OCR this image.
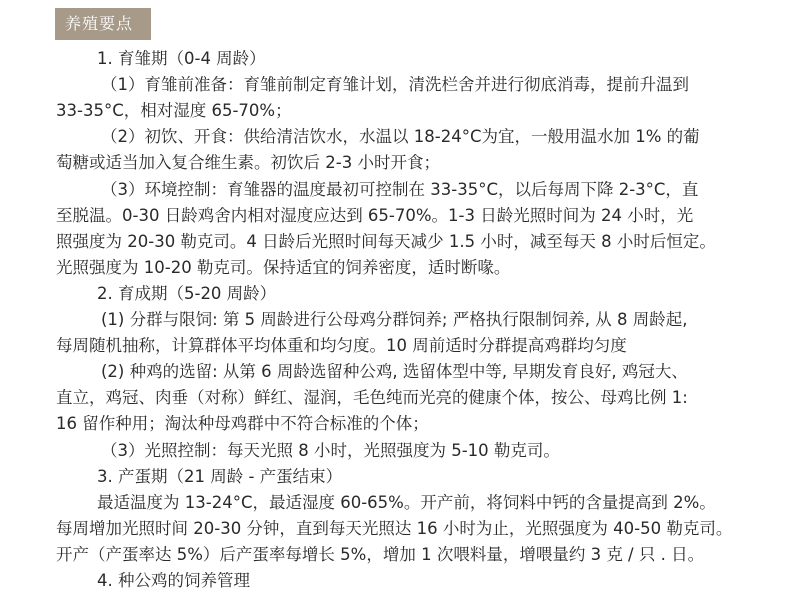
养殖要点
1. 育雏期（0-4 周龄）
（1）育雏前准备：育雏前制定育雏计划，清洗栏舍并进行彻底消毒，提前升温到
33-35°C，相对湿度 65-70%；
（2）初饮、开食：供给清洁饮水，水温以 18-24°C为宜，一般用温水加 1% 的葡
萄糖或适当加入复合维生素。初饮后 2-3 小时开食；
（3）环境控制：育雏器的温度最初可控制在 33-35°C，以后每周下降 2-3°C，直
至脱温。0-30 日龄鸡舍内相对湿度应达到 65-70%。1-3 日龄光照时间为 24 小时，光
照强度为 20-30 勒克司。4 日龄后光照时间每天减少 1.5 小时，减至每天 8 小时后恒定。
光照强度为 10-20 勒克司。保持适宜的饲养密度，适时断喙。
2. 育成期（5-20 周龄）
(1) 分群与限饲: 第 5 周龄进行公母鸡分群饲养; 严格执行限制饲养, 从 8 周龄起,
每周随机抽称，计算群体平均体重和均匀度。10 周前适时分群提高鸡群均匀度
(2) 种鸡的选留: 从第 6 周龄选留种公鸡, 选留体型中等, 早期发育良好, 鸡冠大、
直立，鸡冠、肉垂（对称）鲜红、湿润，毛色纯而光亮的健康个体，按公、母鸡比例 1:
16 留作种用；淘汰种母鸡群中不符合标准的个体；
（3）光照控制：每天光照 8 小时，光照强度为 5-10 勒克司。
3. 产蛋期（21 周龄 - 产蛋结束）
最适温度为 13-24°C，最适湿度 60-65%。开产前，将饲料中钙的含量提高到 2%。
每周增加光照时间 20-30 分钟，直到每天光照达 16 小时为止，光照强度为 40-50 勒克司。
开产（产蛋率达 5%）后产蛋率每增长 5%，增加 1 次喂料量，增喂量约 3 克 / 只 . 日。
4. 种公鸡的饲养管理
